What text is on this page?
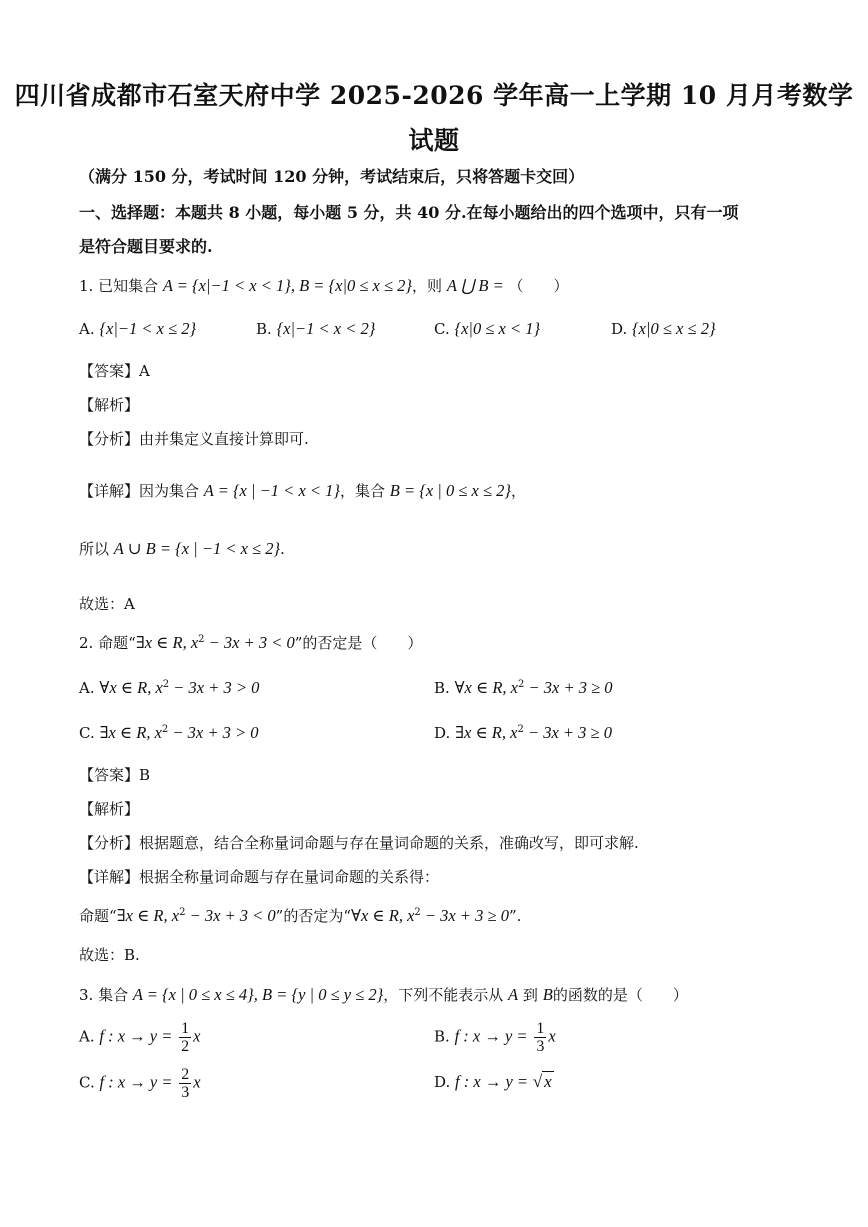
四川省成都市石室天府中学 2025-2026 学年高一上学期 10 月月考数学
试题
（满分 150 分，考试时间 120 分钟，考试结束后，只将答题卡交回）
一、选择题：本题共 8 小题，每小题 5 分，共 40 分.在每小题给出的四个选项中，只有一项
是符合题目要求的.
1. 已知集合 A = {x|−1 < x < 1}, B = {x|0 ≤ x ≤ 2}，则 A ⋃ B = （　　）
A. {x|−1 < x ≤ 2}	B. {x|−1 < x < 2}	C. {x|0 ≤ x < 1}	D. {x|0 ≤ x ≤ 2}
【答案】A
【解析】
【分析】由并集定义直接计算即可.
【详解】因为集合 A = {x | −1 < x < 1}，集合 B = {x | 0 ≤ x ≤ 2}，
所以 A ∪ B = {x | −1 < x ≤ 2}.
故选：A
2. 命题“∃x ∈ R, $x^2 - 3x + 3 < 0$”的否定是（　　）
A. ∀x ∈ R, $x^2 - 3x + 3 > 0$	B. ∀x ∈ R, $x^2 - 3x + 3 \ge 0$
C. ∃x ∈ R, $x^2 - 3x + 3 > 0$	D. ∃x ∈ R, $x^2 - 3x + 3 \ge 0$
【答案】B
【解析】
【分析】根据题意，结合全称量词命题与存在量词命题的关系，准确改写，即可求解.
【详解】根据全称量词命题与存在量词命题的关系得：
命题“∃x ∈ R, $x^2 - 3x + 3 < 0$”的否定为“∀x ∈ R, $x^2 - 3x + 3 \ge 0$”.
故选：B.
3. 集合 A = {x | 0 ≤ x ≤ 4}, B = {y | 0 ≤ y ≤ 2}，下列不能表示从 A 到 B的函数的是（　　）
A. f : $x \to y = \frac{1}{2}$ x	B. f : $x \to y = \frac{1}{3}$ x
C. f : $x \to y = \frac{2}{3}$ x	D. f : x → y = √ x
